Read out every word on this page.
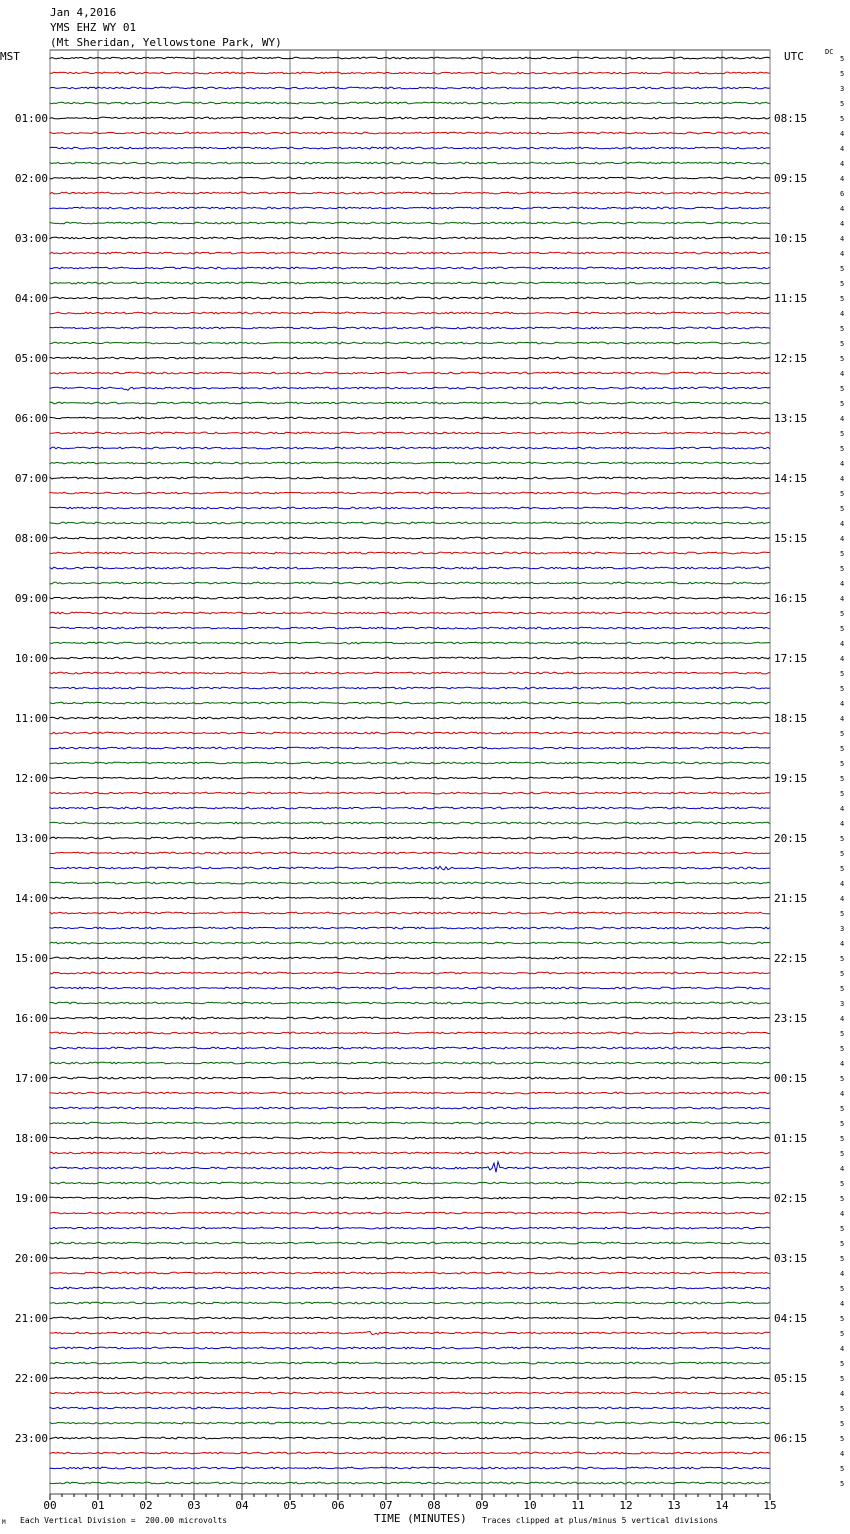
Jan 4,2016
YMS EHZ WY 01
(Mt Sheridan, Yellowstone Park, WY)
MST	UTC	DC
00	01	02	03	04	05	06	07	08	09	10	11	12	13	14	15
5
5
3
5
5
4
4
4
4
6
4
4
4
4
5
5
5
4
5
5
5
4
5
5
4
5
5
4
4
5
5
4
4
5
5
4
4
5
5
4
4
5
5
4
4
5
5
5
5
5
4
4
5
5
5
4
4
5
3
4
5
5
5
3
4
5
5
4
5
4
5
5
5
5
4
5
5
4
5
5
5
4
5
4
5
5
4
5
5
4
5
5
5
4
5
5
01:00	08:15
02:00	09:15
03:00	10:15
04:00	11:15
05:00	12:15
06:00	13:15
07:00	14:15
08:00	15:15
09:00	16:15
10:00	17:15
11:00	18:15
12:00	19:15
13:00	20:15
14:00	21:15
15:00	22:15
16:00	23:15
17:00	00:15
18:00	01:15
19:00	02:15
20:00	03:15
21:00	04:15
22:00	05:15
23:00	06:15
M Each Vertical Division =  200.00 microvolts	TIME (MINUTES) Traces clipped at plus/minus 5 vertical divisions
